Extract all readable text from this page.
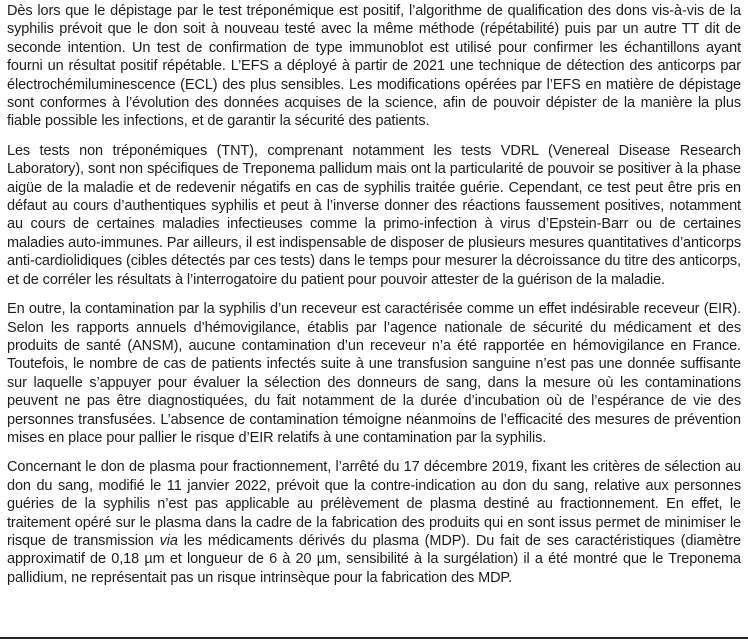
Dès lors que le dépistage par le test tréponémique est positif, l’algorithme de qualification des dons vis-à-vis de la syphilis prévoit que le don soit à nouveau testé avec la même méthode (répétabilité) puis par un autre TT dit de seconde intention. Un test de confirmation de type immunoblot est utilisé pour confirmer les échantillons ayant fourni un résultat positif répétable. L’EFS a déployé à partir de 2021 une technique de détection des anticorps par électrochémiluminescence (ECL) des plus sensibles. Les modifications opérées par l’EFS en matière de dépistage sont conformes à l’évolution des données acquises de la science, afin de pouvoir dépister de la manière la plus fiable possible les infections, et de garantir la sécurité des patients.

Les tests non tréponémiques (TNT), comprenant notamment les tests VDRL (Venereal Disease Research Laboratory), sont non spécifiques de Treponema pallidum mais ont la particularité de pouvoir se positiver à la phase aigüe de la maladie et de redevenir négatifs en cas de syphilis traitée guérie. Cependant, ce test peut être pris en défaut au cours d’authentiques syphilis et peut à l’inverse donner des réactions faussement positives, notamment au cours de certaines maladies infectieuses comme la primo-infection à virus d’Epstein-Barr ou de certaines maladies auto-immunes. Par ailleurs, il est indispensable de disposer de plusieurs mesures quantitatives d’anticorps anti-cardiolidiques (cibles détectés par ces tests) dans le temps pour mesurer la décroissance du titre des anticorps, et de corréler les résultats à l’interrogatoire du patient pour pouvoir attester de la guérison de la maladie.

En outre, la contamination par la syphilis d’un receveur est caractérisée comme un effet indésirable receveur (EIR). Selon les rapports annuels d’hémovigilance, établis par l’agence nationale de sécurité du médicament et des produits de santé (ANSM), aucune contamination d’un receveur n’a été rapportée en hémovigilance en France. Toutefois, le nombre de cas de patients infectés suite à une transfusion sanguine n’est pas une donnée suffisante sur laquelle s’appuyer pour évaluer la sélection des donneurs de sang, dans la mesure où les contaminations peuvent ne pas être diagnostiquées, du fait notamment de la durée d’incubation où de l’espérance de vie des personnes transfusées. L’absence de contamination témoigne néanmoins de l’efficacité des mesures de prévention mises en place pour pallier le risque d’EIR relatifs à une contamination par la syphilis.

Concernant le don de plasma pour fractionnement, l’arrêté du 17 décembre 2019, fixant les critères de sélection au don du sang, modifié le 11 janvier 2022, prévoit que la contre-indication au don du sang, relative aux personnes guéries de la syphilis n’est pas applicable au prélèvement de plasma destiné au fractionnement. En effet, le traitement opéré sur le plasma dans la cadre de la fabrication des produits qui en sont issus permet de minimiser le risque de transmission via les médicaments dérivés du plasma (MDP). Du fait de ses caractéristiques (diamètre approximatif de 0,18 µm et longueur de 6 à 20 µm, sensibilité à la surgélation) il a été montré que le Treponema pallidium, ne représentait pas un risque intrinsèque pour la fabrication des MDP.
